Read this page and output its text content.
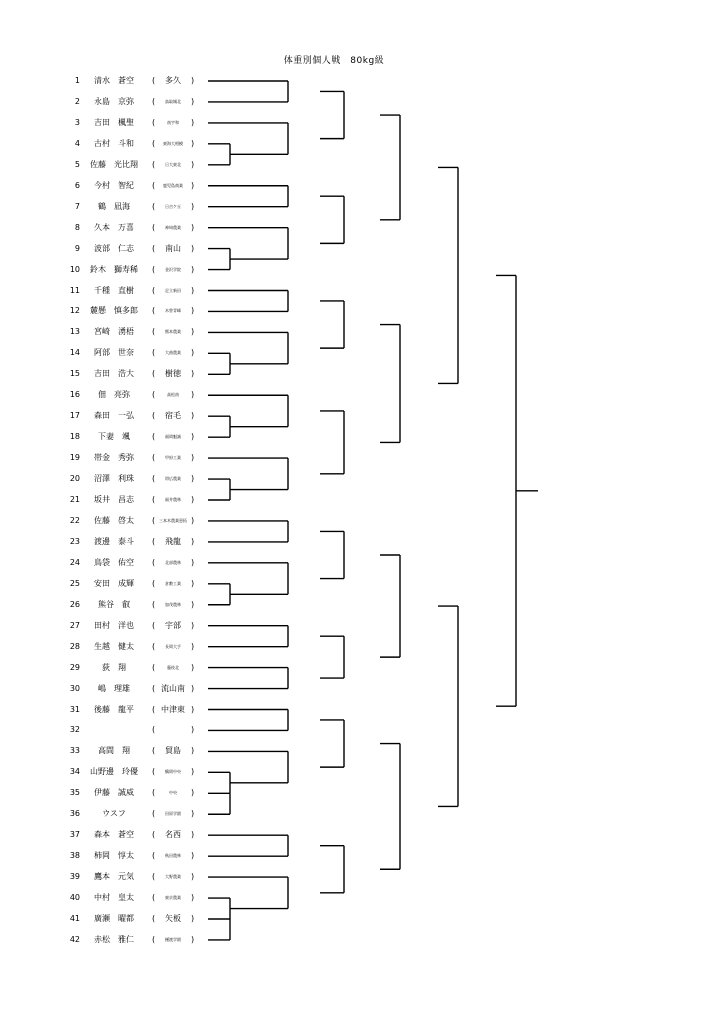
体重別個人戦　80kg級
1	清水　蒼空	(	多久	)
2	永島　京弥	(	鳥取城北	)
3	吉田　楓聖	(	南宇和	)
4	古村　斗和	(	東海大相模	)
5 佐藤　光比翔 (	日大東北	)
6	今村　智紀	(	鹿児島商業	)
7	鶴　凪海	(	日吉ケ丘	)
8	久本　万喜	(	神埼農業	)
9	波部　仁志	(	南山	)
10 鈴木　獅寿稀 (	金沢学院	)
11	千種　直樹	(	足立新田	)
12 麓懸　慎多郎 (	木曽青峰	)
13	宮崎　湧梧	(	熊本農業	)
14	阿部　世奈	(	大曲農業	)
15	吉田　浩大	(	樹徳	)
16	佃　亮弥	(	高松南	)
17	森田　一弘	(	宿毛	)
18	下妻　颯	(	福岡魁誠	)
19	帯金　秀弥	(	甲府工業	)
20	沼澤　利珠	(	帯広農業	)
21	坂井　昌志	(	福井農林	)
22	佐藤　啓太	( 三本木農業恵拓 )
23	渡邊　泰斗	(	飛龍	)
24	鳥袋　佑空	(	北部農林	)
25	安田　成輝	(	倉敷工業	)
26	熊谷　叡	(	加茂農林	)
27	田村　洋也	(	宇部	)
28	生越　健太	(	長岡大手	)
29	荻　翔	(	藤枝北	)
30	嶋　理雄	( 流山南 )
31	後藤　龍平	( 中津東 )
32	(	)
33	高間　翔	(	貿島	)
34 山野邊　玲優 (	鶴岡中央	)
35	伊藤　誠威	(	中央	)
36	ウスフ	(	田原学園	)
37	森本　蒼空	(	名西	)
38	柿岡　惇太	(	秋田農林	)
39	鷹本　元気	(	大野農業	)
40	中村　皇太	(	東京農業	)
41	廣瀬　曜都	(	矢板	)
42	赤松　雅仁	(	樋渡学園	)
